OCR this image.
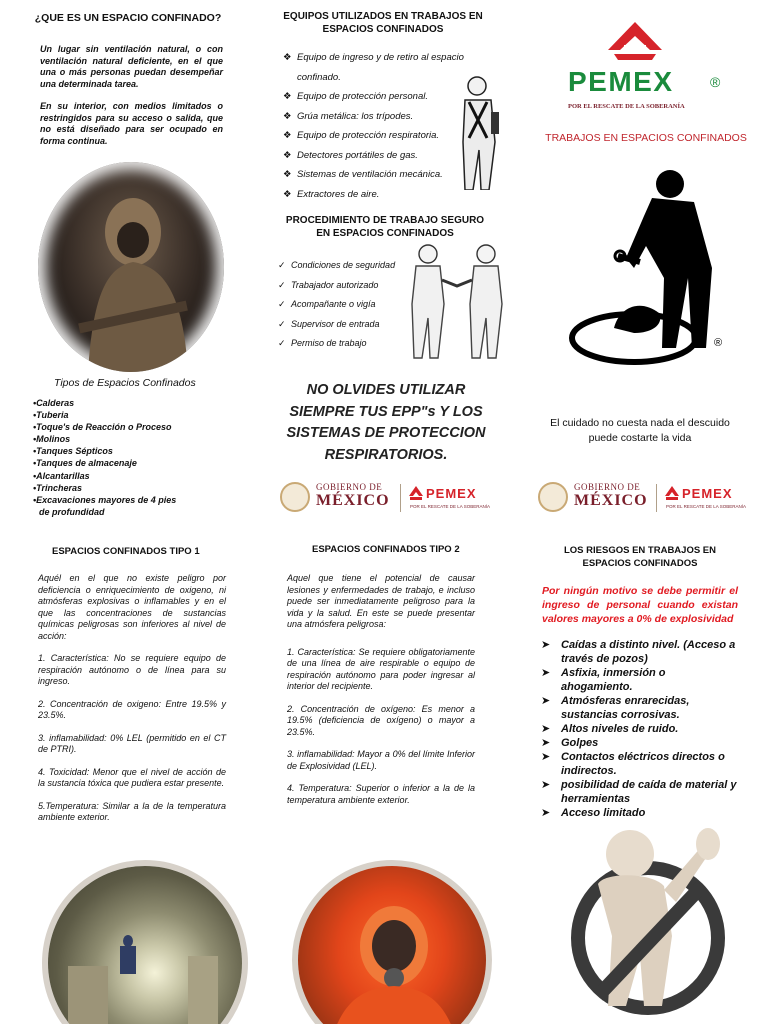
¿QUE ES UN ESPACIO CONFINADO?

Un lugar sin ventilación natural, o con ventilación natural deficiente, en el que una o más personas puedan desempeñar una determinada tarea.

En su interior, con medios limitados o restringidos para su acceso o salida, que no está diseñado para ser ocupado en forma continua.

Tipos de Espacios Confinados
•Calderas
•Tuberia
•Toque's de Reacción o Proceso
•Molinos
•Tanques Sépticos
•Tanques de almacenaje
•Alcantarillas
•Trincheras
•Excavaciones mayores de 4 pies
de profundidad
ESPACIOS CONFINADOS TIPO 1

Aquél en el que no existe peligro por deficiencia o enriquecimiento de oxigeno, ni atmósferas explosivas o inflamables y en el que las concentraciones de sustancias químicas peligrosas son inferiores al nivel de acción:

1. Característica: No se requiere equipo de respiración autónomo o de línea para su ingreso.

2. Concentración de oxigeno: Entre 19.5% y 23.5%.

3. inflamabilidad: 0% LEL (permitido en el CT de PTRI).

4. Toxicidad: Menor que el nivel de acción de la sustancia tóxica que pudiera estar presente.

5.Temperatura: Similar a la de la temperatura ambiente exterior.

EQUIPOS UTILIZADOS EN TRABAJOS EN ESPACIOS CONFINADOS
❖ Equipo de ingreso y de retiro al espacio
confinado.
❖ Equipo de protección personal.
❖ Grúa metálica: los trípodes.
❖ Equipo de protección respiratoria.
❖ Detectores portátiles de gas.
❖ Sistemas de ventilación mecánica.
❖ Extractores de aire.
PROCEDIMIENTO DE TRABAJO SEGURO EN ESPACIOS CONFINADOS
✓ Condiciones de seguridad
✓ Trabajador autorizado
✓ Acompañante o vigía
✓ Supervisor de entrada
✓ Permiso de trabajo
NO OLVIDES UTILIZAR SIEMPRE TUS EPP"s Y LOS SISTEMAS DE PROTECCION RESPIRATORIOS.
GOBIERNO DE
MÉXICO	PEMEX
POR EL RESCATE DE LA SOBERANÍA
ESPACIOS CONFINADOS TIPO 2

Aquel que tiene el potencial de causar lesiones y enfermedades de trabajo, e incluso puede ser inmediatamente peligroso para la vida y la salud. En este se puede presentar una atmósfera peligrosa:

1. Característica: Se requiere obligatoriamente de una línea de aire respirable o equipo de respiración autónomo para poder ingresar al interior del recipiente.

2. Concentración de oxígeno: Es menor a 19.5% (deficiencia de oxígeno) o mayor a 23.5%.

3. inflamabilidad: Mayor a 0% del límite Inferior de Explosividad (LEL).

4. Temperatura: Superior o inferior a la de la temperatura ambiente exterior.

PEMEX	®
POR EL RESCATE DE LA SOBERANÍA
TRABAJOS EN ESPACIOS CONFINADOS
®
El cuidado no cuesta nada el descuido puede costarte la vida
GOBIERNO DE
MÉXICO	PEMEX
POR EL RESCATE DE LA SOBERANÍA
LOS RIESGOS EN TRABAJOS EN ESPACIOS CONFINADOS
Por ningún motivo se debe permitir el ingreso de personal cuando existan valores mayores a 0% de explosividad
➤ Caídas a distinto nivel. (Acceso a través de pozos)
➤ Asfixia, inmersión o ahogamiento.
➤ Atmósferas enrarecidas, sustancias corrosivas.
➤ Altos niveles de ruido.
➤ Golpes
➤ Contactos eléctricos directos o indirectos.
➤ posibilidad de caída de material y herramientas
➤ Acceso limitado
